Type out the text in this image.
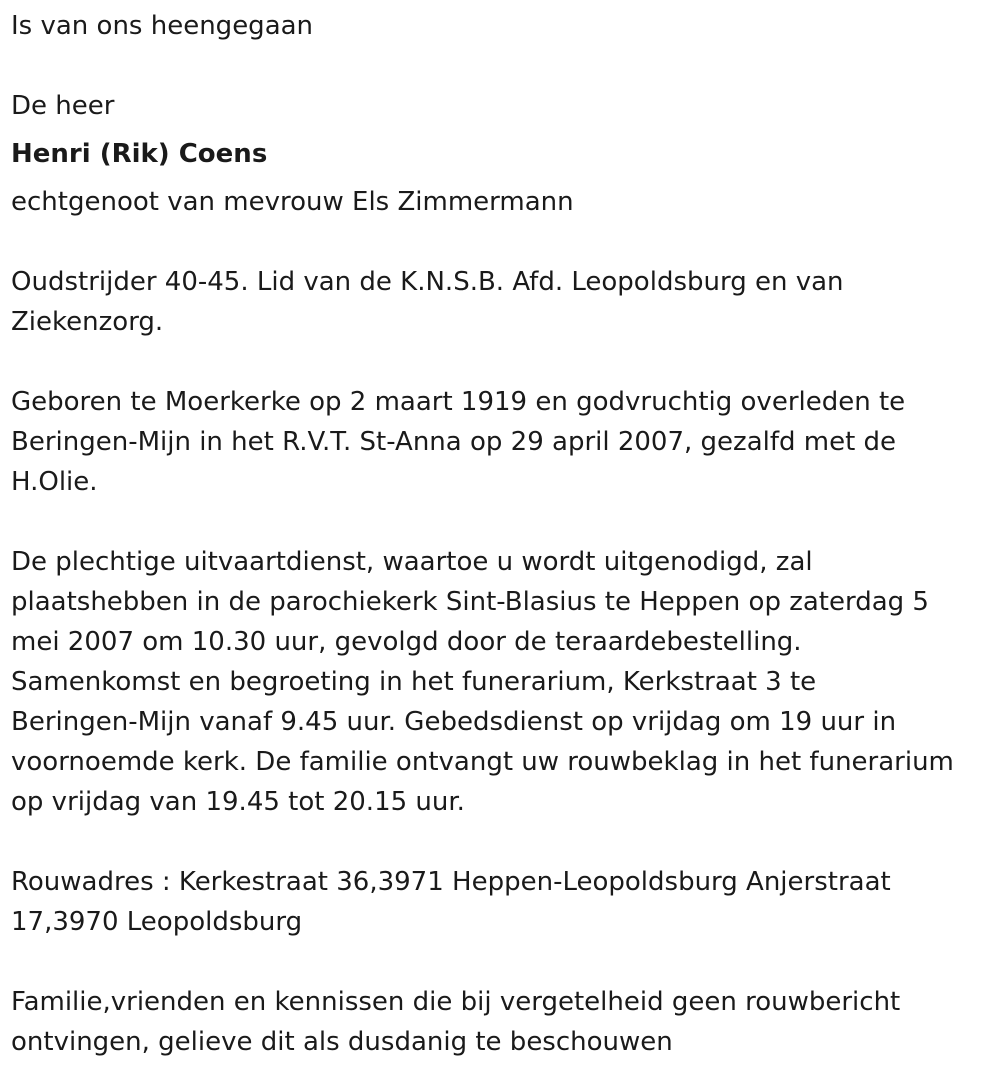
Is van ons heengegaan
De heer
Henri (Rik) Coens
echtgenoot van mevrouw Els Zimmermann
Oudstrijder 40-45. Lid van de K.N.S.B. Afd. Leopoldsburg en van
Ziekenzorg.
Geboren te Moerkerke op 2 maart 1919 en godvruchtig overleden te
Beringen-Mijn in het R.V.T. St-Anna op 29 april 2007, gezalfd met de
H.Olie.
De plechtige uitvaartdienst, waartoe u wordt uitgenodigd, zal
plaatshebben in de parochiekerk Sint-Blasius te Heppen op zaterdag 5
mei 2007 om 10.30 uur, gevolgd door de teraardebestelling.
Samenkomst en begroeting in het funerarium, Kerkstraat 3 te
Beringen-Mijn vanaf 9.45 uur. Gebedsdienst op vrijdag om 19 uur in
voornoemde kerk. De familie ontvangt uw rouwbeklag in het funerarium
op vrijdag van 19.45 tot 20.15 uur.
Rouwadres : Kerkestraat 36,3971 Heppen-Leopoldsburg Anjerstraat
17,3970 Leopoldsburg
Familie,vrienden en kennissen die bij vergetelheid geen rouwbericht
ontvingen, gelieve dit als dusdanig te beschouwen
